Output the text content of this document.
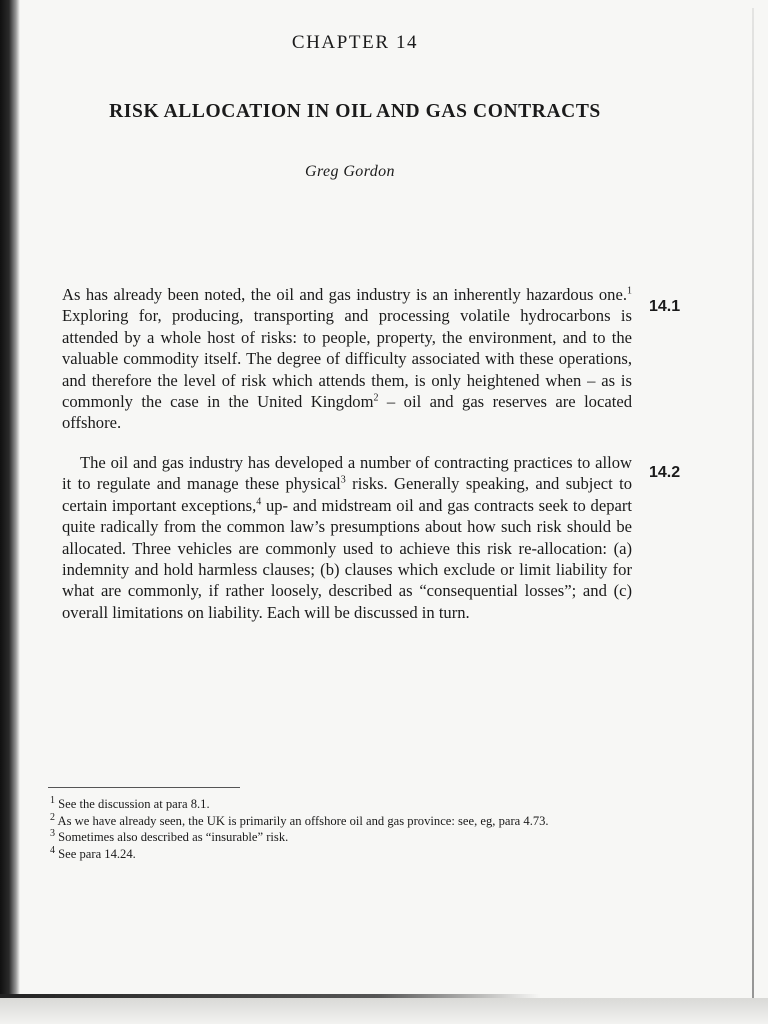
CHAPTER 14
RISK ALLOCATION IN OIL AND GAS CONTRACTS
Greg Gordon

As has already been noted, the oil and gas industry is an inherently hazardous one.$^1$ Exploring for, producing, transporting and processing volatile hydrocarbons is attended by a whole host of risks: to people, property, the environment, and to the valuable commodity itself. The degree of difficulty associated with these operations, and therefore the level of risk which attends them, is only heightened when – as is commonly the case in the United Kingdom$^2$ – oil and gas reserves are located offshore.

14.1

The oil and gas industry has developed a number of contracting practices to allow it to regulate and manage these physical$^3$ risks. Generally speaking, and subject to certain important exceptions,$^4$ up- and midstream oil and gas contracts seek to depart quite radically from the common law’s presumptions about how such risk should be allocated. Three vehicles are commonly used to achieve this risk re-allocation: (a) indemnity and hold harmless clauses; (b) clauses which exclude or limit liability for what are commonly, if rather loosely, described as “consequential losses”; and (c) overall limitations on liability. Each will be discussed in turn.

14.2

$^1$ See the discussion at para 8.1.

$^2$ As we have already seen, the UK is primarily an offshore oil and gas province: see, eg, para 4.73.

$^3$ Sometimes also described as “insurable” risk.

$^4$ See para 14.24.
